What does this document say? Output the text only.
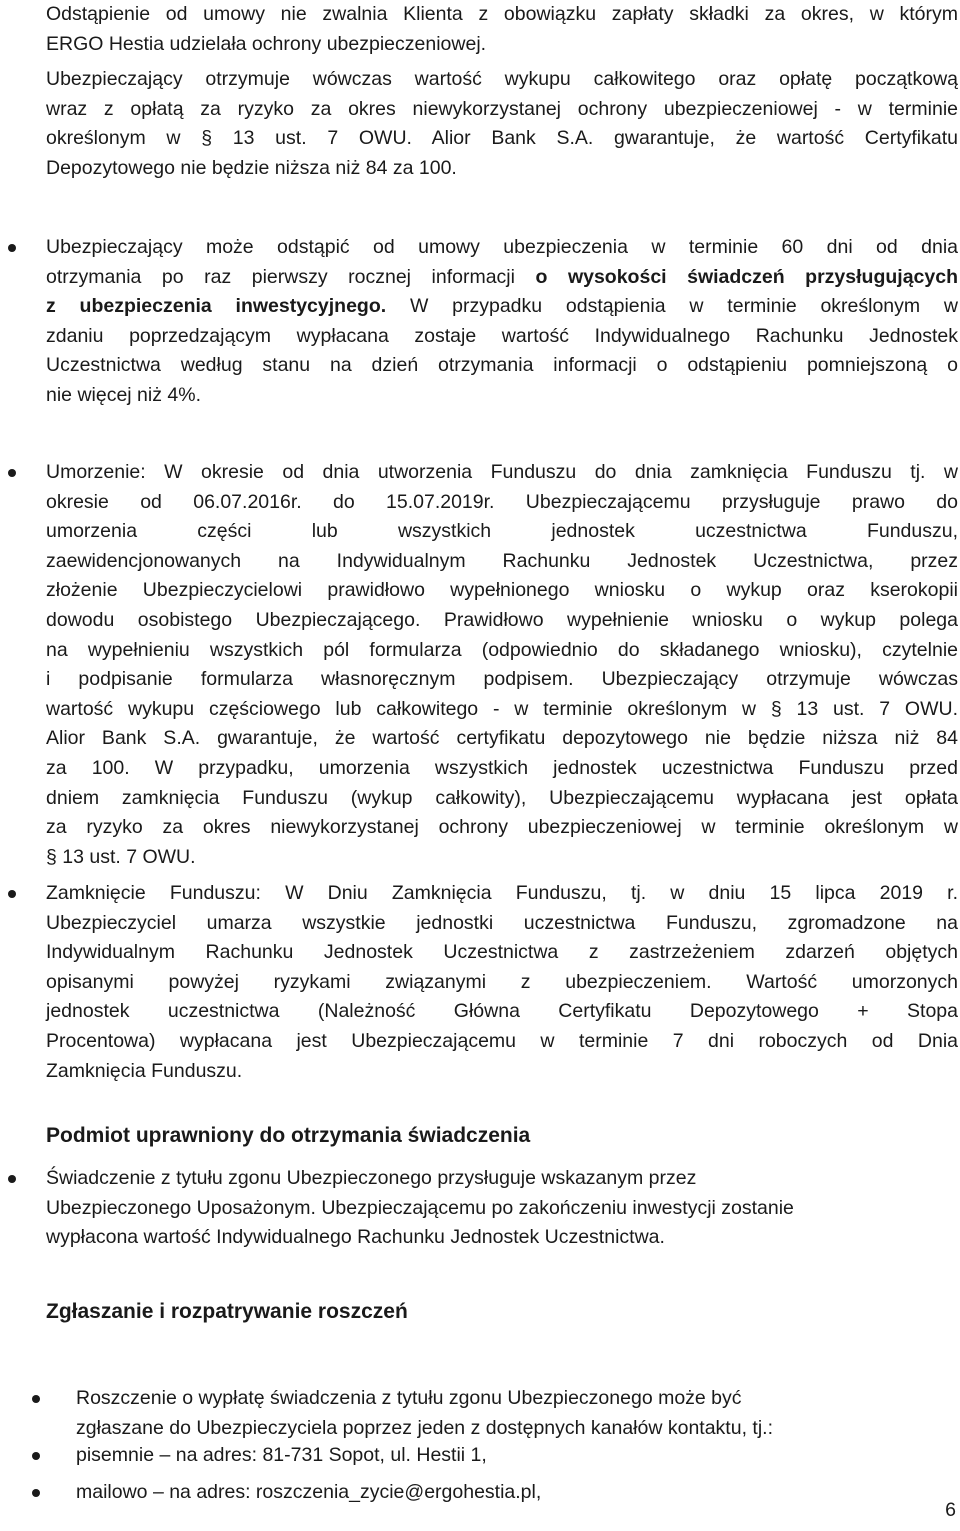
Odstąpienie od umowy nie zwalnia Klienta z obowiązku zapłaty składki za okres, w którym
ERGO Hestia udzielała ochrony ubezpieczeniowej.
Ubezpieczający otrzymuje wówczas wartość wykupu całkowitego oraz opłatę początkową
wraz z opłatą za ryzyko za okres niewykorzystanej ochrony ubezpieczeniowej - w terminie
określonym w § 13 ust. 7 OWU. Alior Bank S.A. gwarantuje, że wartość Certyfikatu
Depozytowego nie będzie niższa niż 84 za 100.
Ubezpieczający może odstąpić od umowy ubezpieczenia w terminie 60 dni od dnia
otrzymania po raz pierwszy rocznej informacji o wysokości świadczeń przysługujących
z ubezpieczenia inwestycyjnego. W przypadku odstąpienia w terminie określonym w
zdaniu poprzedzającym wypłacana zostaje wartość Indywidualnego Rachunku Jednostek
Uczestnictwa według stanu na dzień otrzymania informacji o odstąpieniu pomniejszoną o
nie więcej niż 4%.
Umorzenie: W okresie od dnia utworzenia Funduszu do dnia zamknięcia Funduszu tj. w
okresie od 06.07.2016r. do 15.07.2019r. Ubezpieczającemu przysługuje prawo do
umorzenia części lub wszystkich jednostek uczestnictwa Funduszu,
zaewidencjonowanych na Indywidualnym Rachunku Jednostek Uczestnictwa, przez
złożenie Ubezpieczycielowi prawidłowo wypełnionego wniosku o wykup oraz kserokopii
dowodu osobistego Ubezpieczającego. Prawidłowo wypełnienie wniosku o wykup polega
na wypełnieniu wszystkich pól formularza (odpowiednio do składanego wniosku), czytelnie
i podpisanie formularza własnoręcznym podpisem. Ubezpieczający otrzymuje wówczas
wartość wykupu częściowego lub całkowitego - w terminie określonym w § 13 ust. 7 OWU.
Alior Bank S.A. gwarantuje, że wartość certyfikatu depozytowego nie będzie niższa niż 84
za 100. W przypadku, umorzenia wszystkich jednostek uczestnictwa Funduszu przed
dniem zamknięcia Funduszu (wykup całkowity), Ubezpieczającemu wypłacana jest opłata
za ryzyko za okres niewykorzystanej ochrony ubezpieczeniowej w terminie określonym w
§ 13 ust. 7 OWU.
Zamknięcie Funduszu: W Dniu Zamknięcia Funduszu, tj. w dniu 15 lipca 2019 r.
Ubezpieczyciel umarza wszystkie jednostki uczestnictwa Funduszu, zgromadzone na
Indywidualnym Rachunku Jednostek Uczestnictwa z zastrzeżeniem zdarzeń objętych
opisanymi powyżej ryzykami związanymi z ubezpieczeniem. Wartość umorzonych
jednostek uczestnictwa (Należność Główna Certyfikatu Depozytowego + Stopa
Procentowa) wypłacana jest Ubezpieczającemu w terminie 7 dni roboczych od Dnia
Zamknięcia Funduszu.
Podmiot uprawniony do otrzymania świadczenia
Świadczenie z tytułu zgonu Ubezpieczonego przysługuje wskazanym przez
Ubezpieczonego Uposażonym. Ubezpieczającemu po zakończeniu inwestycji zostanie
wypłacona wartość Indywidualnego Rachunku Jednostek Uczestnictwa.
Zgłaszanie i rozpatrywanie roszczeń
Roszczenie o wypłatę świadczenia z tytułu zgonu Ubezpieczonego może być
zgłaszane do Ubezpieczyciela poprzez jeden z dostępnych kanałów kontaktu, tj.:
pisemnie – na adres: 81-731 Sopot, ul. Hestii 1,
mailowo – na adres: roszczenia_zycie@ergohestia.pl,
6
